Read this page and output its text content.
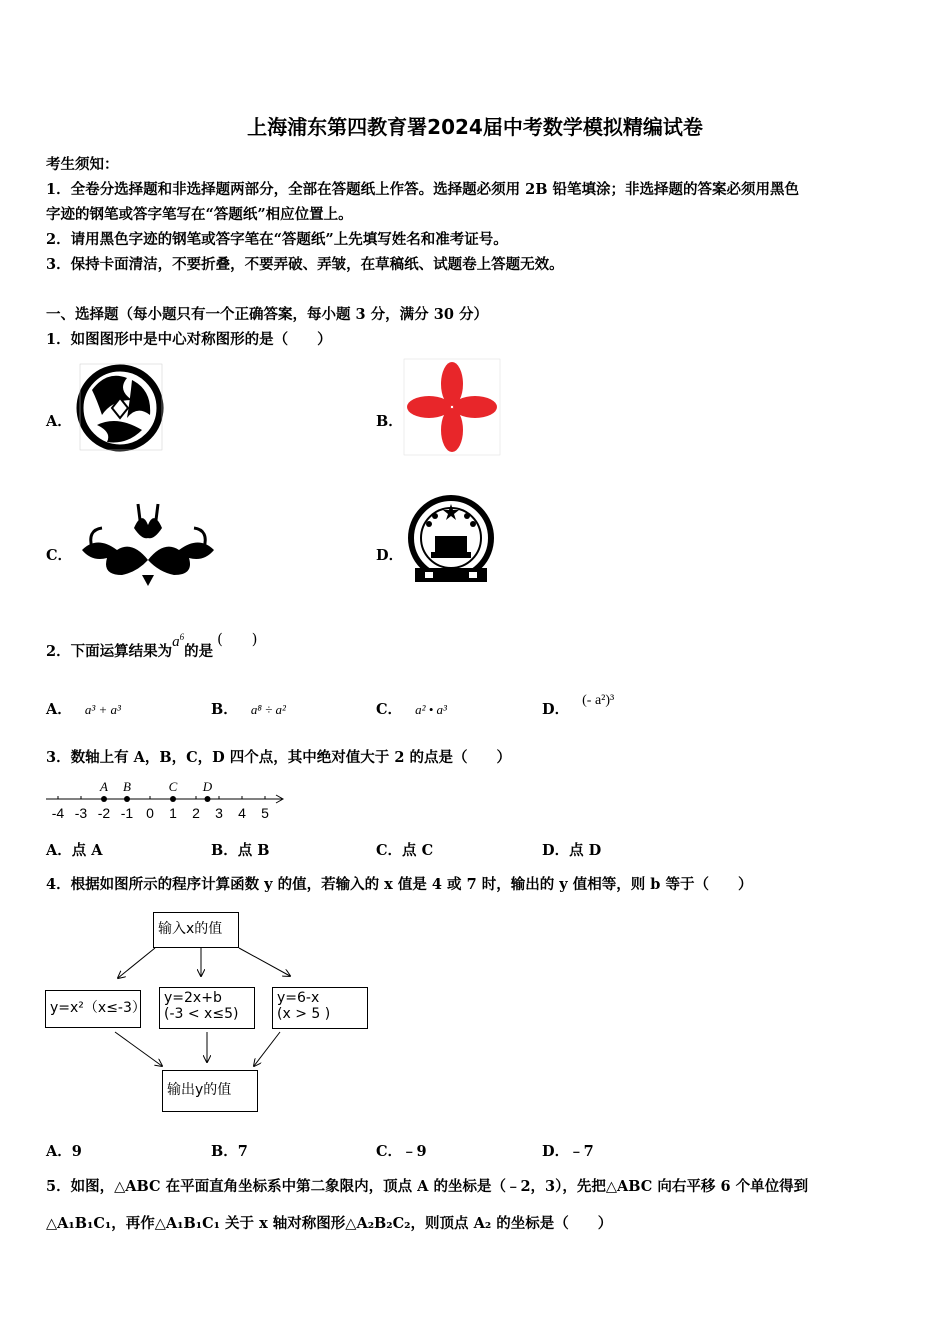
上海浦东第四教育署2024届中考数学模拟精编试卷
考生须知：
1．全卷分选择题和非选择题两部分，全部在答题纸上作答。选择题必须用 2B 铅笔填涂；非选择题的答案必须用黑色
字迹的钢笔或答字笔写在“答题纸”相应位置上。
2．请用黑色字迹的钢笔或答字笔在“答题纸”上先填写姓名和准考证号。
3．保持卡面清洁，不要折叠，不要弄破、弄皱，在草稿纸、试题卷上答题无效。
一、选择题（每小题只有一个正确答案，每小题 3 分，满分 30 分）
1．如图图形中是中心对称图形的是（　　）
A．	B．
C．	D．
2．下面运算结果为$a^6$的是(　　)
A． a³ + a³	B． a⁸ ÷ a²	C． a² • a³	D． (- a²)³
3．数轴上有 A，B，C，D 四个点，其中绝对值大于 2 的点是（　　）
-4 -3 -2 -1 0 1 2 3 4 5
A B	C D
A．点 A	B．点 B	C．点 C	D．点 D
4．根据如图所示的程序计算函数 y 的值，若输入的 x 值是 4 或 7 时，输出的 y 值相等，则 b 等于（　　）
输入x的值
y=x²（x≤-3）
y=2x+b
(-3 < x≤5)
y=6-x
(x > 5 )
输出y的值
A．9	B．7	C．﹣9	D．﹣7
5．如图，△ABC 在平面直角坐标系中第二象限内，顶点 A 的坐标是（﹣2，3），先把△ABC 向右平移 6 个单位得到
△A₁B₁C₁，再作△A₁B₁C₁ 关于 x 轴对称图形△A₂B₂C₂，则顶点 A₂ 的坐标是（　　）
